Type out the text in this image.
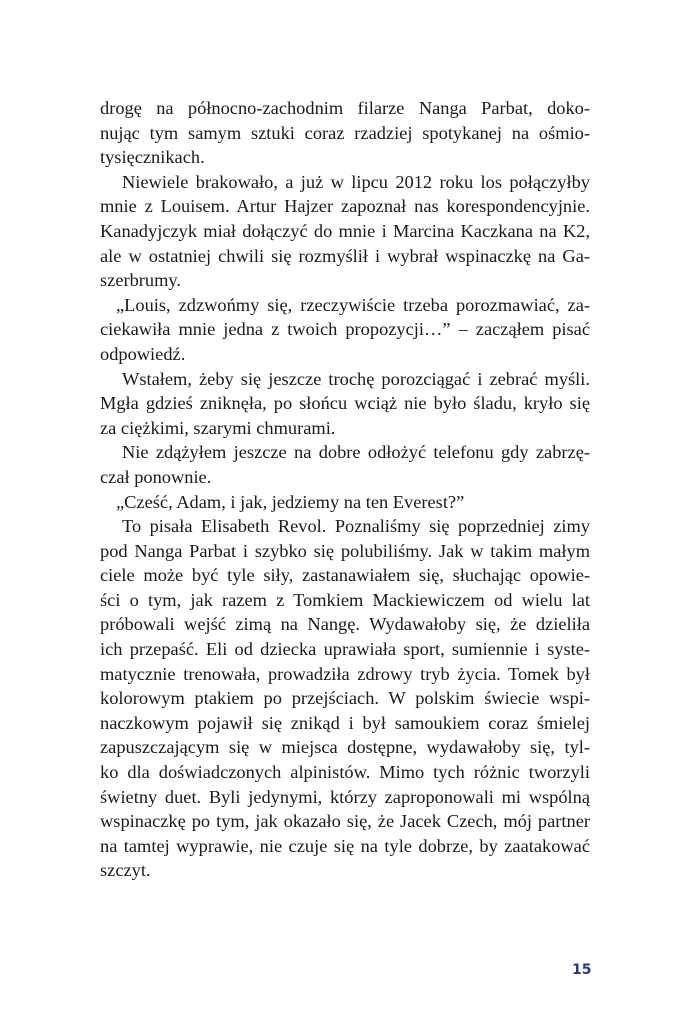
drogę na północno-zachodnim filarze Nanga Parbat, doko-
nując tym samym sztuki coraz rzadziej spotykanej na ośmio-
tysięcznikach.
Niewiele brakowało, a już w lipcu 2012 roku los połączyłby
mnie z Louisem. Artur Hajzer zapoznał nas korespondencyjnie.
Kanadyjczyk miał dołączyć do mnie i Marcina Kaczkana na K2,
ale w ostatniej chwili się rozmyślił i wybrał wspinaczkę na Ga-
szerbrumy.
„Louis, zdzwońmy się, rzeczywiście trzeba porozmawiać, za-
ciekawiła mnie jedna z twoich propozycji…” – zacząłem pisać
odpowiedź.
Wstałem, żeby się jeszcze trochę porozciągać i zebrać myśli.
Mgła gdzieś zniknęła, po słońcu wciąż nie było śladu, kryło się
za ciężkimi, szarymi chmurami.
Nie zdążyłem jeszcze na dobre odłożyć telefonu gdy zabrzę-
czał ponownie.
„Cześć, Adam, i jak, jedziemy na ten Everest?”
To pisała Elisabeth Revol. Poznaliśmy się poprzedniej zimy
pod Nanga Parbat i szybko się polubiliśmy. Jak w takim małym
ciele może być tyle siły, zastanawiałem się, słuchając opowie-
ści o tym, jak razem z Tomkiem Mackiewiczem od wielu lat
próbowali wejść zimą na Nangę. Wydawałoby się, że dzieliła
ich przepaść. Eli od dziecka uprawiała sport, sumiennie i syste-
matycznie trenowała, prowadziła zdrowy tryb życia. Tomek był
kolorowym ptakiem po przejściach. W polskim świecie wspi-
naczkowym pojawił się znikąd i był samoukiem coraz śmielej
zapuszczającym się w miejsca dostępne, wydawałoby się, tyl-
ko dla doświadczonych alpinistów. Mimo tych różnic tworzyli
świetny duet. Byli jedynymi, którzy zaproponowali mi wspólną
wspinaczkę po tym, jak okazało się, że Jacek Czech, mój partner
na tamtej wyprawie, nie czuje się na tyle dobrze, by zaatakować
szczyt.
15
